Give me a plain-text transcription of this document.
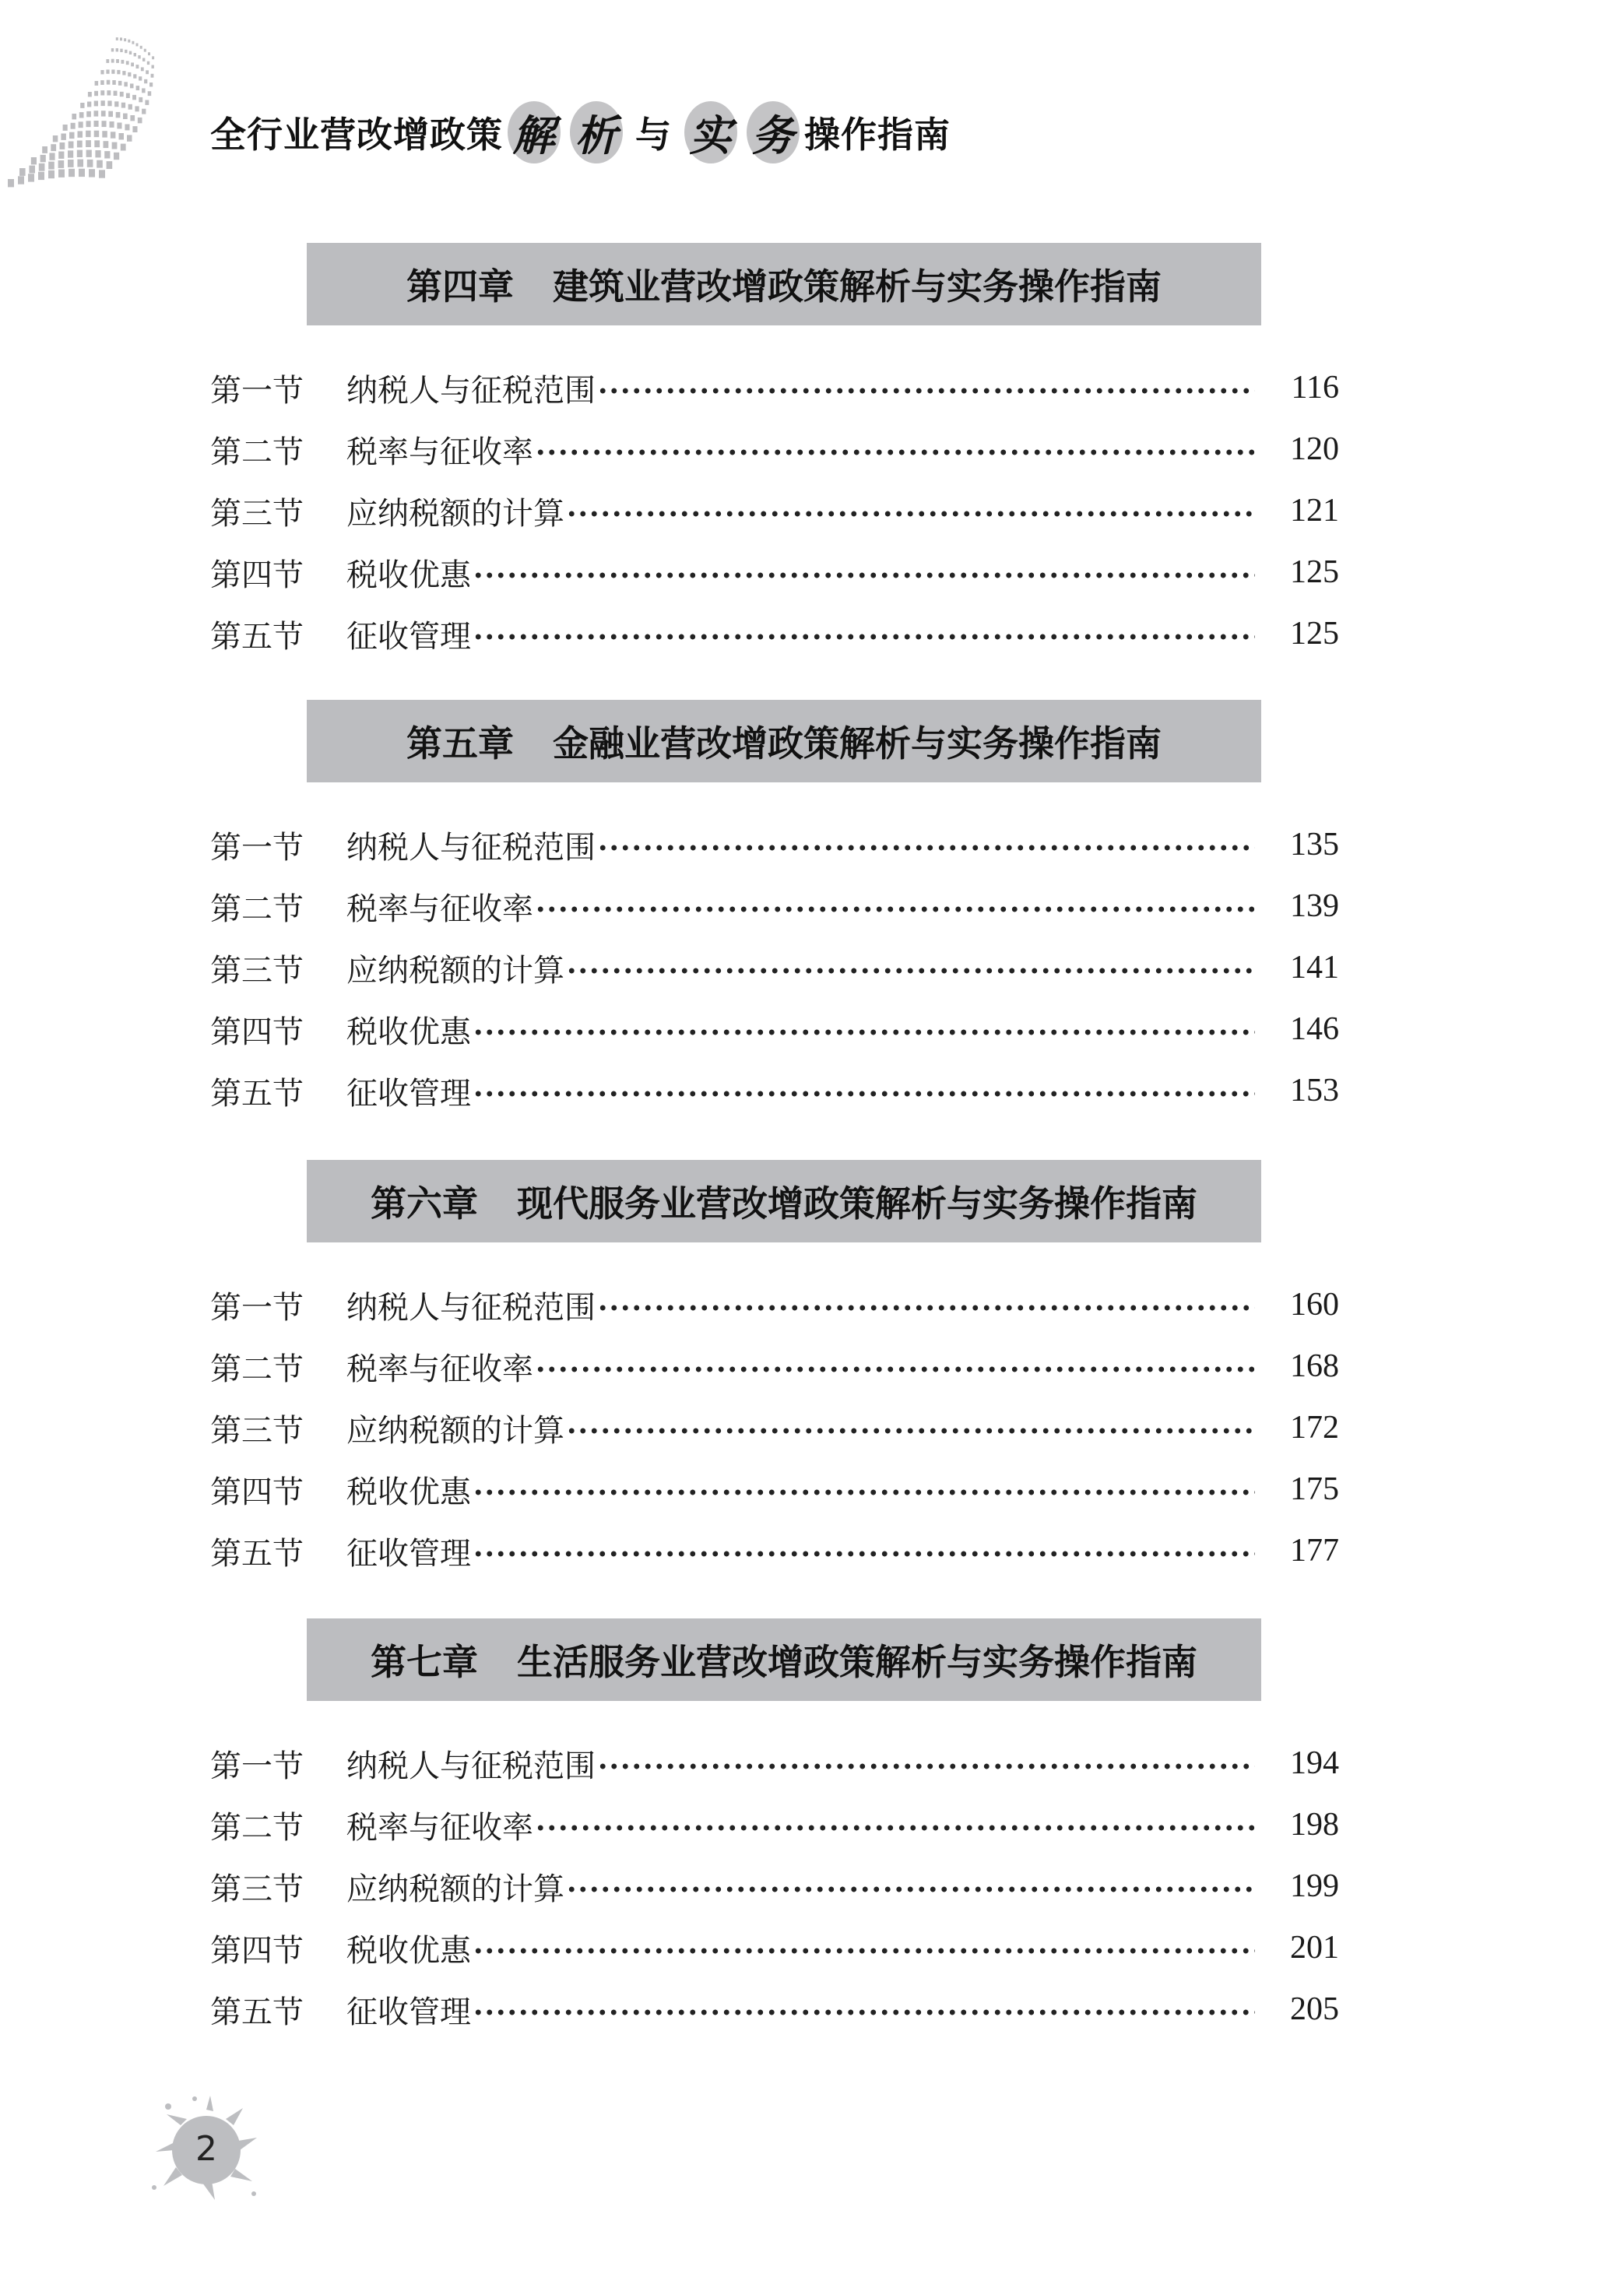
全行业营改增政策 解 析 与 实 务 操作指南
第四章 建筑业营改增政策解析与实务操作指南
第一节	纳税人与征税范围	116
第二节	税率与征收率	120
第三节	应纳税额的计算	121
第四节	税收优惠	125
第五节	征收管理	125
第五章 金融业营改增政策解析与实务操作指南
第一节	纳税人与征税范围	135
第二节	税率与征收率	139
第三节	应纳税额的计算	141
第四节	税收优惠	146
第五节	征收管理	153
第六章 现代服务业营改增政策解析与实务操作指南
第一节	纳税人与征税范围	160
第二节	税率与征收率	168
第三节	应纳税额的计算	172
第四节	税收优惠	175
第五节	征收管理	177
第七章 生活服务业营改增政策解析与实务操作指南
第一节	纳税人与征税范围	194
第二节	税率与征收率	198
第三节	应纳税额的计算	199
第四节	税收优惠	201
第五节	征收管理	205
2
